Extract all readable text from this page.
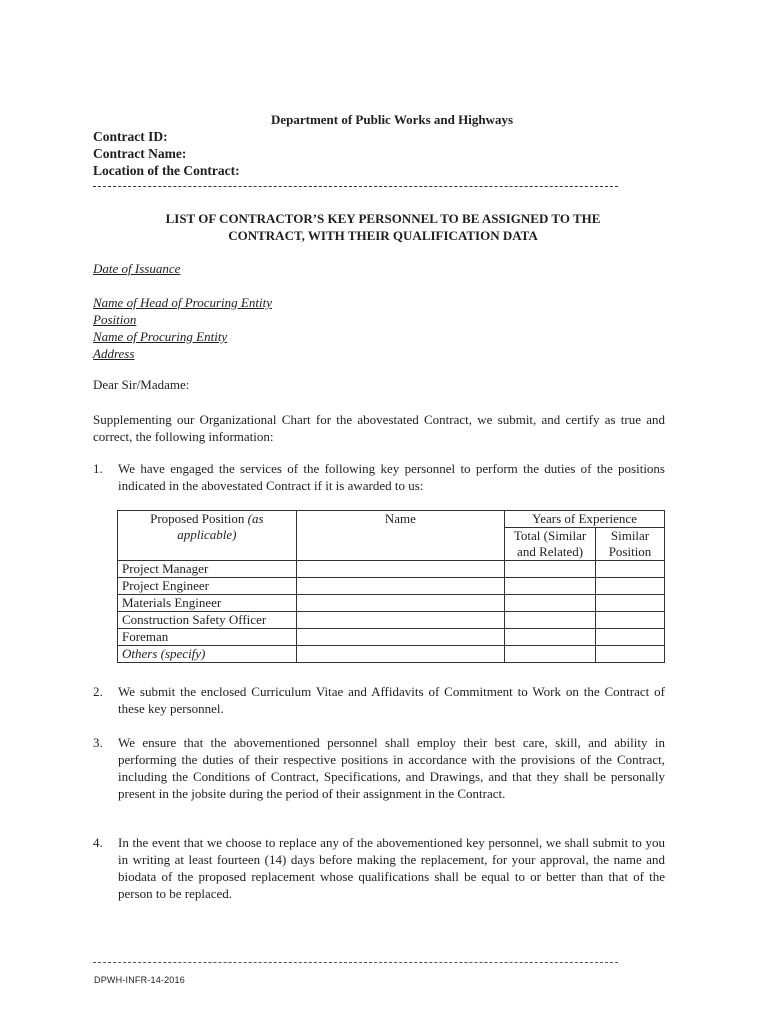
Department of Public Works and Highways
Contract ID:
Contract Name:
Location of the Contract:
LIST OF CONTRACTOR’S KEY PERSONNEL TO BE ASSIGNED TO THE
CONTRACT, WITH THEIR QUALIFICATION DATA
Date of Issuance
Name of Head of Procuring Entity
Position
Name of Procuring Entity
Address
Dear Sir/Madame:
Supplementing our Organizational Chart for the abovestated Contract, we submit, and certify as true and correct, the following information:
1.	We have engaged the services of the following key personnel to perform the duties of the positions indicated in the abovestated Contract if it is awarded to us:
Proposed Position (as applicable)	Name	Years of Experience	
		Total (Similar and Related)	Similar Position
Project Manager			
Project Engineer			
Materials Engineer			
Construction Safety Officer			
Foreman			
Others (specify)			
2.	We submit the enclosed Curriculum Vitae and Affidavits of Commitment to Work on the Contract of these key personnel.
3.	We ensure that the abovementioned personnel shall employ their best care, skill, and ability in performing the duties of their respective positions in accordance with the provisions of the Contract, including the Conditions of Contract, Specifications, and Drawings, and that they shall be personally present in the jobsite during the period of their assignment in the Contract.
4.	In the event that we choose to replace any of the abovementioned key personnel, we shall submit to you in writing at least fourteen (14) days before making the replacement, for your approval, the name and biodata of the proposed replacement whose qualifications shall be equal to or better than that of the person to be replaced.
DPWH-INFR-14-2016
